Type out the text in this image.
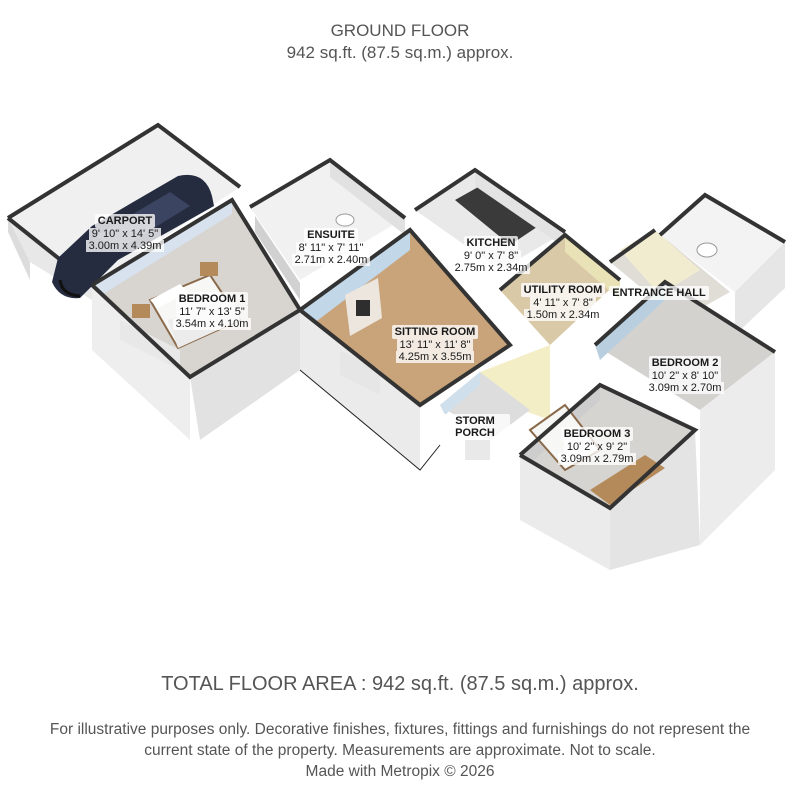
GROUND FLOOR
942 sq.ft. (87.5 sq.m.) approx.
CARPORT
9' 10" x 14' 5"
3.00m x 4.39m
BEDROOM 1
11' 7" x 13' 5"
3.54m x 4.10m
ENSUITE
8' 11" x 7' 11"
2.71m x 2.40m
KITCHEN
9' 0" x 7' 8"
2.75m x 2.34m
UTILITY ROOM
4' 11" x 7' 8"
1.50m x 2.34m
ENTRANCE HALL
SITTING ROOM
13' 11" x 11' 8"
4.25m x 3.55m	BEDROOM 2
10' 2" x 8' 10"
3.09m x 2.70m
STORM PORCH	BEDROOM 3
10' 2" x 9' 2"
3.09m x 2.79m
TOTAL FLOOR AREA : 942 sq.ft. (87.5 sq.m.) approx.
For illustrative purposes only. Decorative finishes, fixtures, fittings and furnishings do not represent the current state of the property. Measurements are approximate. Not to scale.
Made with Metropix © 2026
